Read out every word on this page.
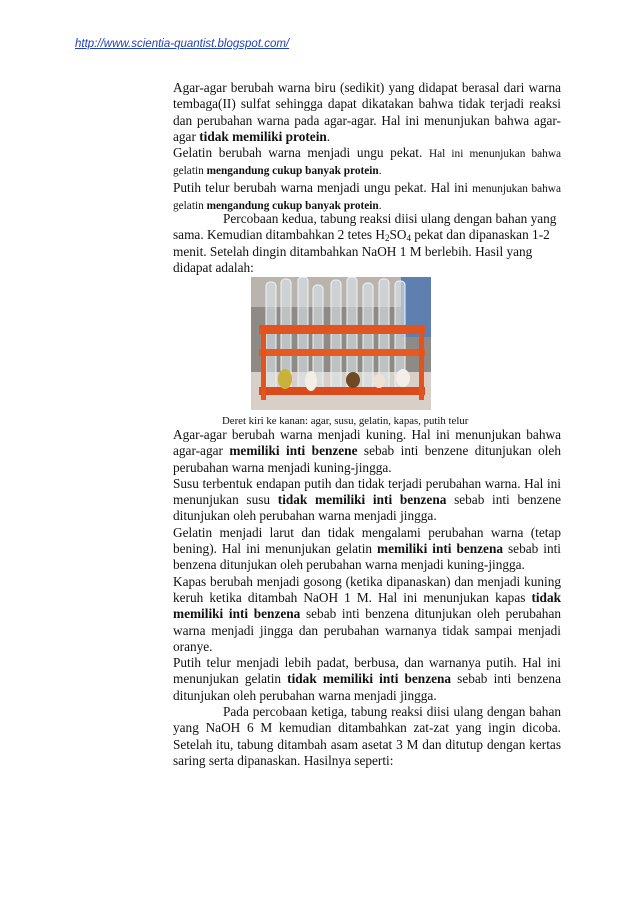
http://www.scientia-quantist.blogspot.com/

Agar-agar berubah warna biru (sedikit) yang didapat berasal dari warna tembaga(II) sulfat sehingga dapat dikatakan bahwa tidak terjadi reaksi dan perubahan warna pada agar-agar. Hal ini menunjukan bahwa agar-agar tidak memiliki protein.

Gelatin berubah warna menjadi ungu pekat. Hal ini menunjukan bahwa gelatin mengandung cukup banyak protein.

Putih telur berubah warna menjadi ungu pekat. Hal ini menunjukan bahwa gelatin mengandung cukup banyak protein.

Percobaan kedua, tabung reaksi diisi ulang dengan bahan yang sama. Kemudian ditambahkan 2 tetes $H_2SO_4$ pekat dan dipanaskan 1-2 menit. Setelah dingin ditambahkan NaOH 1 M berlebih. Hasil yang didapat adalah:

Deret kiri ke kanan: agar, susu, gelatin, kapas, putih telur

Agar-agar berubah warna menjadi kuning. Hal ini menunjukan bahwa agar-agar memiliki inti benzene sebab inti benzene ditunjukan oleh perubahan warna menjadi kuning-jingga.

Susu terbentuk endapan putih dan tidak terjadi perubahan warna. Hal ini menunjukan susu tidak memiliki inti benzena sebab inti benzene ditunjukan oleh perubahan warna menjadi jingga.

Gelatin menjadi larut dan tidak mengalami perubahan warna (tetap bening). Hal ini menunjukan gelatin memiliki inti benzena sebab inti benzena ditunjukan oleh perubahan warna menjadi kuning-jingga.

Kapas berubah menjadi gosong (ketika dipanaskan) dan menjadi kuning keruh ketika ditambah NaOH 1 M. Hal ini menunjukan kapas tidak memiliki inti benzena sebab inti benzena ditunjukan oleh perubahan warna menjadi jingga dan perubahan warnanya tidak sampai menjadi oranye.

Putih telur menjadi lebih padat, berbusa, dan warnanya putih. Hal ini menunjukan gelatin tidak memiliki inti benzena sebab inti benzena ditunjukan oleh perubahan warna menjadi jingga.

Pada percobaan ketiga, tabung reaksi diisi ulang dengan bahan yang NaOH 6 M kemudian ditambahkan zat-zat yang ingin dicoba. Setelah itu, tabung ditambah asam asetat 3 M dan ditutup dengan kertas saring serta dipanaskan. Hasilnya seperti:
